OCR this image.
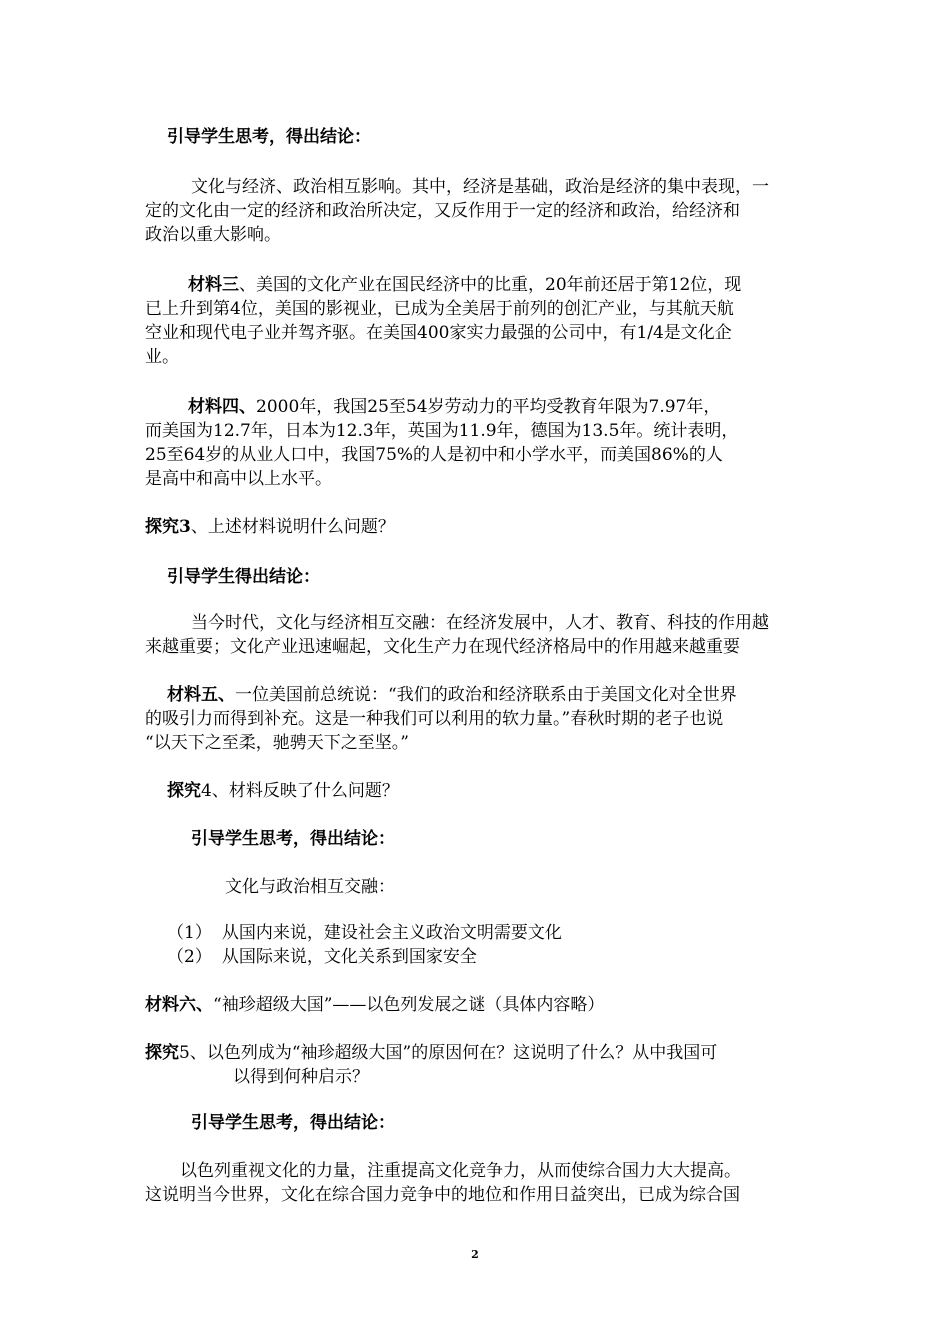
引导学生思考，得出结论：
文化与经济、政治相互影响。其中，经济是基础，政治是经济的集中表现，一
定的文化由一定的经济和政治所决定，又反作用于一定的经济和政治，给经济和
政治以重大影响。
材料三、美国的文化产业在国民经济中的比重，20年前还居于第12位，现
已上升到第4位，美国的影视业，已成为全美居于前列的创汇产业，与其航天航
空业和现代电子业并驾齐驱。在美国400家实力最强的公司中，有1/4是文化企
业。
材料四、2000年，我国25至54岁劳动力的平均受教育年限为7.97年，
而美国为12.7年，日本为12.3年，英国为11.9年，德国为13.5年。统计表明，
25至64岁的从业人口中，我国75%的人是初中和小学水平，而美国86%的人
是高中和高中以上水平。
探究3、上述材料说明什么问题？
引导学生得出结论：
当今时代，文化与经济相互交融：在经济发展中，人才、教育、科技的作用越
来越重要；文化产业迅速崛起，文化生产力在现代经济格局中的作用越来越重要
材料五、一位美国前总统说：“我们的政治和经济联系由于美国文化对全世界
的吸引力而得到补充。这是一种我们可以利用的软力量。”春秋时期的老子也说
“以天下之至柔，驰骋天下之至坚。”
探究4、材料反映了什么问题？
引导学生思考，得出结论：
文化与政治相互交融：
（1） 从国内来说，建设社会主义政治文明需要文化
（2） 从国际来说，文化关系到国家安全
材料六、“袖珍超级大国”——以色列发展之谜（具体内容略）
探究5、以色列成为“袖珍超级大国”的原因何在？这说明了什么？从中我国可
以得到何种启示？
引导学生思考，得出结论：
以色列重视文化的力量，注重提高文化竞争力，从而使综合国力大大提高。
这说明当今世界，文化在综合国力竞争中的地位和作用日益突出，已成为综合国
2
